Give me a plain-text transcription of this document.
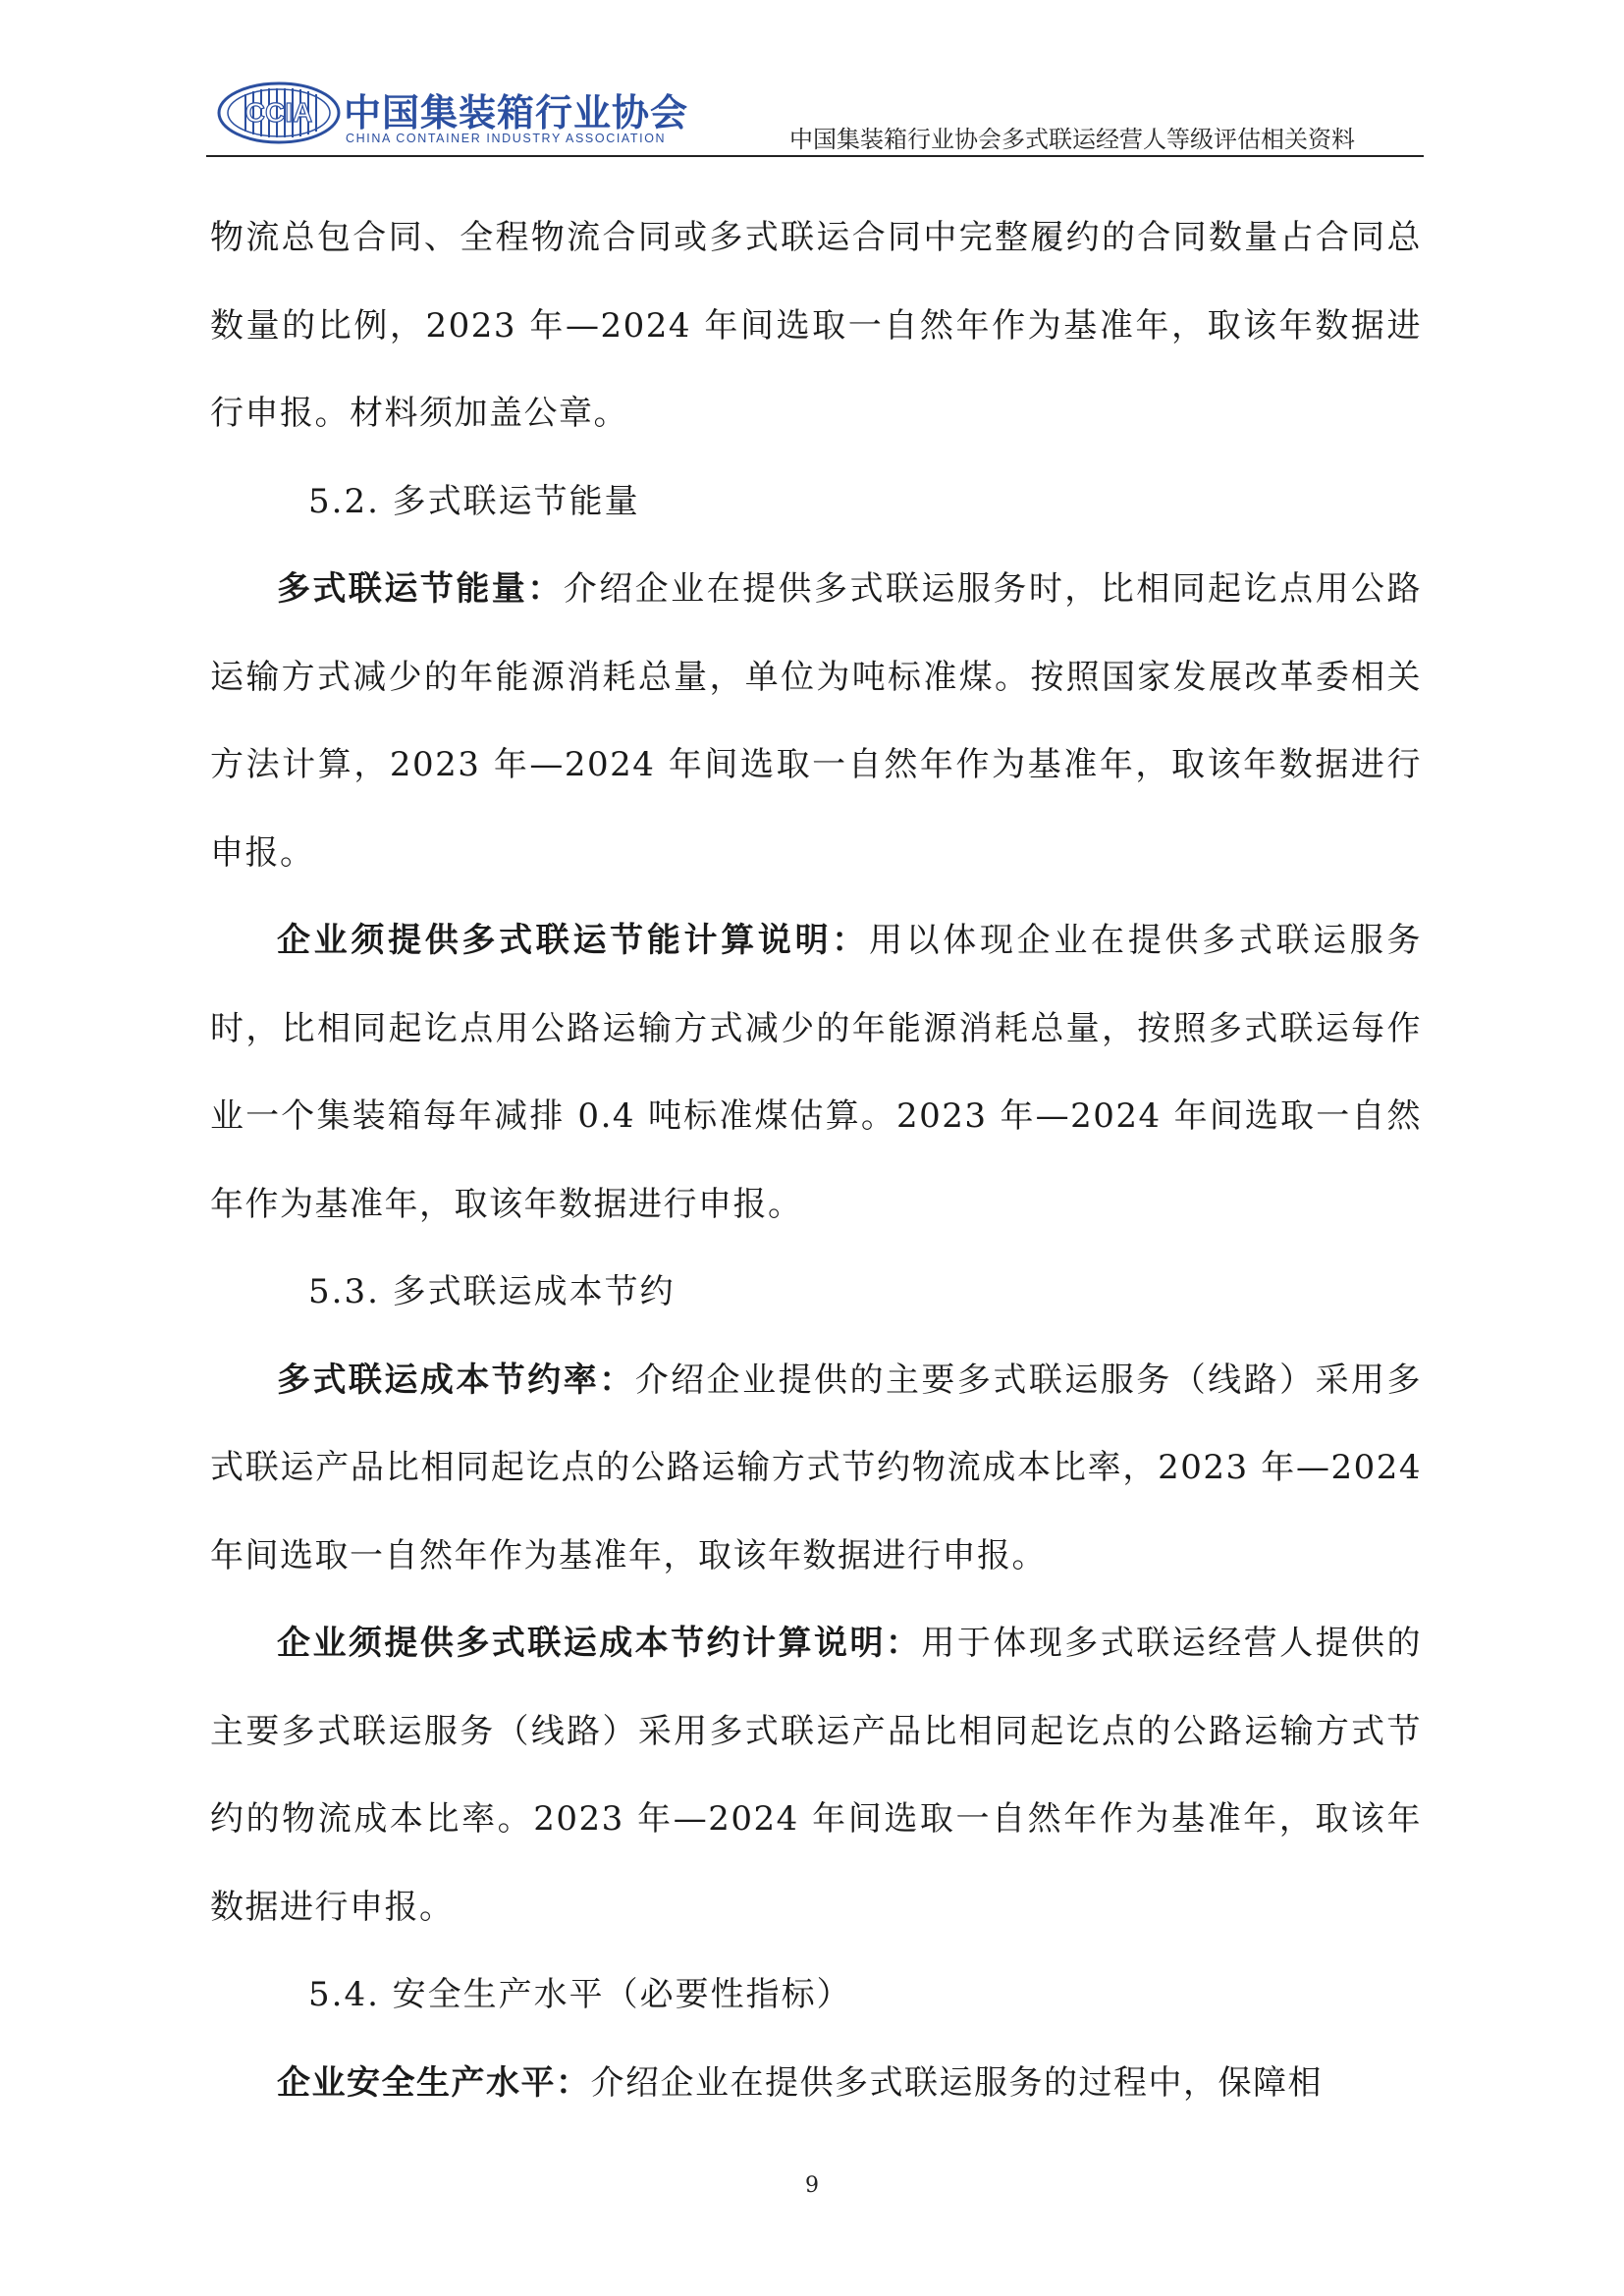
CCIA 中国集装箱行业协会
CHINA CONTAINER INDUSTRY ASSOCIATION	中国集装箱行业协会多式联运经营人等级评估相关资料

物流总包合同、全程物流合同或多式联运合同中完整履约的合同数量占合同总数量的比例，2023 年—2024 年间选取一自然年作为基准年，取该年数据进行申报。材料须加盖公章。

5.2. 多式联运节能量

多式联运节能量：介绍企业在提供多式联运服务时，比相同起讫点用公路运输方式减少的年能源消耗总量，单位为吨标准煤。按照国家发展改革委相关方法计算，2023 年—2024 年间选取一自然年作为基准年，取该年数据进行申报。

企业须提供多式联运节能计算说明：用以体现企业在提供多式联运服务时，比相同起讫点用公路运输方式减少的年能源消耗总量，按照多式联运每作业一个集装箱每年减排 0.4 吨标准煤估算。2023 年—2024 年间选取一自然年作为基准年，取该年数据进行申报。

5.3. 多式联运成本节约

多式联运成本节约率：介绍企业提供的主要多式联运服务（线路）采用多式联运产品比相同起讫点的公路运输方式节约物流成本比率，2023 年—2024 年间选取一自然年作为基准年，取该年数据进行申报。

企业须提供多式联运成本节约计算说明：用于体现多式联运经营人提供的主要多式联运服务（线路）采用多式联运产品比相同起讫点的公路运输方式节约的物流成本比率。2023 年—2024 年间选取一自然年作为基准年，取该年数据进行申报。

5.4. 安全生产水平（必要性指标）

企业安全生产水平：介绍企业在提供多式联运服务的过程中，保障相

9
